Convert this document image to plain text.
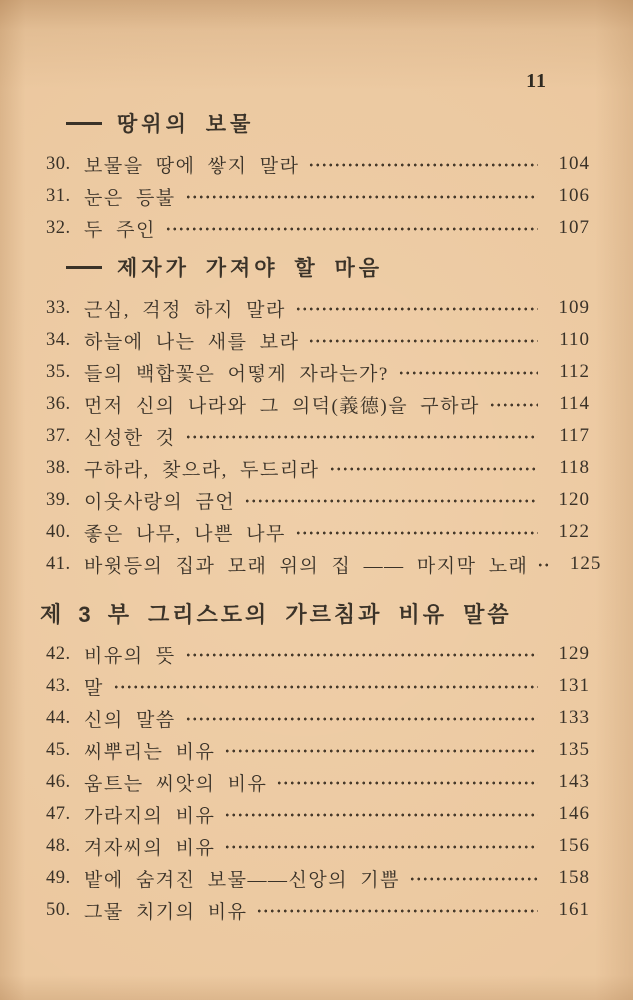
11
땅위의 보물
30. 보물을 땅에 쌓지 말라	104
31. 눈은 등불	106
32. 두 주인	107
제자가 가져야 할 마음
33. 근심, 걱정 하지 말라	109
34. 하늘에 나는 새를 보라	110
35. 들의 백합꽃은 어떻게 자라는가?	112
36. 먼저 신의 나라와 그 의덕(義德)을 구하라	114
37. 신성한 것	117
38. 구하라, 찾으라, 두드리라	118
39. 이웃사랑의 금언	120
40. 좋은 나무, 나쁜 나무	122
41. 바윗등의 집과 모래 위의 집 —— 마지막 노래	125
제 3 부 그리스도의 가르침과 비유 말씀
42. 비유의 뜻	129
43. 말	131
44. 신의 말씀	133
45. 씨뿌리는 비유	135
46. 움트는 씨앗의 비유	143
47. 가라지의 비유	146
48. 겨자씨의 비유	156
49. 밭에 숨겨진 보물——신앙의 기쁨	158
50. 그물 치기의 비유	161
